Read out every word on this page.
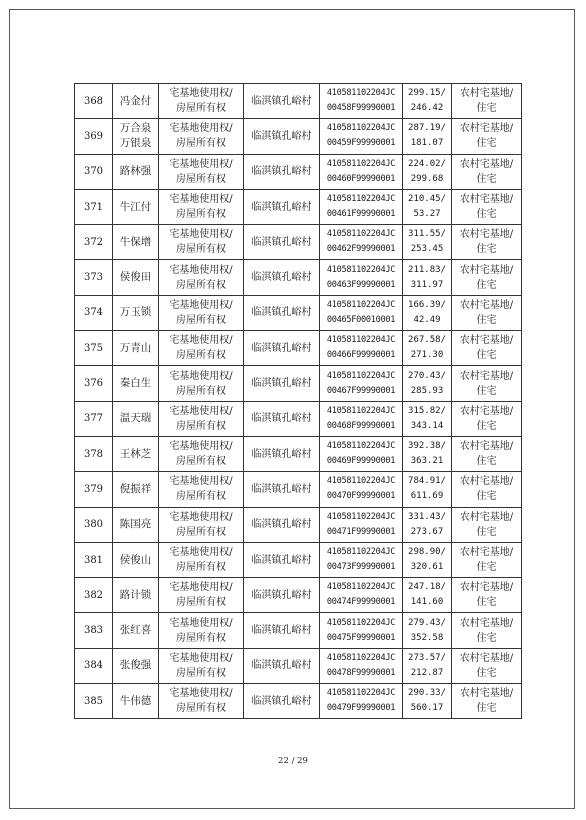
368	冯金付	宅基地使用权/
房屋所有权	临淇镇孔峪村	410581102204JC
00458F99990001	299.15/
246.42	农村宅基地/
住宅

369	万合泉
万银泉	宅基地使用权/
房屋所有权	临淇镇孔峪村	410581102204JC
00459F99990001	287.19/
181.07	农村宅基地/
住宅

370	路林强	宅基地使用权/
房屋所有权	临淇镇孔峪村	410581102204JC
00460F99990001	224.02/
299.68	农村宅基地/
住宅

371	牛江付	宅基地使用权/
房屋所有权	临淇镇孔峪村	410581102204JC
00461F99990001	210.45/
53.27	农村宅基地/
住宅

372	牛保增	宅基地使用权/
房屋所有权	临淇镇孔峪村	410581102204JC
00462F99990001	311.55/
253.45	农村宅基地/
住宅

373	侯俊田	宅基地使用权/
房屋所有权	临淇镇孔峪村	410581102204JC
00463F99990001	211.83/
311.97	农村宅基地/
住宅

374	万玉锁	宅基地使用权/
房屋所有权	临淇镇孔峪村	410581102204JC
00465F00010001	166.39/
42.49	农村宅基地/
住宅

375	万青山	宅基地使用权/
房屋所有权	临淇镇孔峪村	410581102204JC
00466F99990001	267.58/
271.30	农村宅基地/
住宅

376	秦白生	宅基地使用权/
房屋所有权	临淇镇孔峪村	410581102204JC
00467F99990001	270.43/
285.93	农村宅基地/
住宅

377	温天瑞	宅基地使用权/
房屋所有权	临淇镇孔峪村	410581102204JC
00468F99990001	315.82/
343.14	农村宅基地/
住宅

378	王林芝	宅基地使用权/
房屋所有权	临淇镇孔峪村	410581102204JC
00469F99990001	392.38/
363.21	农村宅基地/
住宅

379	倪振祥	宅基地使用权/
房屋所有权	临淇镇孔峪村	410581102204JC
00470F99990001	784.91/
611.69	农村宅基地/
住宅

380	陈国亮	宅基地使用权/
房屋所有权	临淇镇孔峪村	410581102204JC
00471F99990001	331.43/
273.67	农村宅基地/
住宅

381	侯俊山	宅基地使用权/
房屋所有权	临淇镇孔峪村	410581102204JC
00473F99990001	298.90/
320.61	农村宅基地/
住宅

382	路计锁	宅基地使用权/
房屋所有权	临淇镇孔峪村	410581102204JC
00474F99990001	247.18/
141.60	农村宅基地/
住宅

383	张红喜	宅基地使用权/
房屋所有权	临淇镇孔峪村	410581102204JC
00475F99990001	279.43/
352.58	农村宅基地/
住宅

384	张俊强	宅基地使用权/
房屋所有权	临淇镇孔峪村	410581102204JC
00478F99990001	273.57/
212.87	农村宅基地/
住宅

385	牛伟德	宅基地使用权/
房屋所有权	临淇镇孔峪村	410581102204JC
00479F99990001	290.33/
560.17	农村宅基地/
住宅
22 / 29
